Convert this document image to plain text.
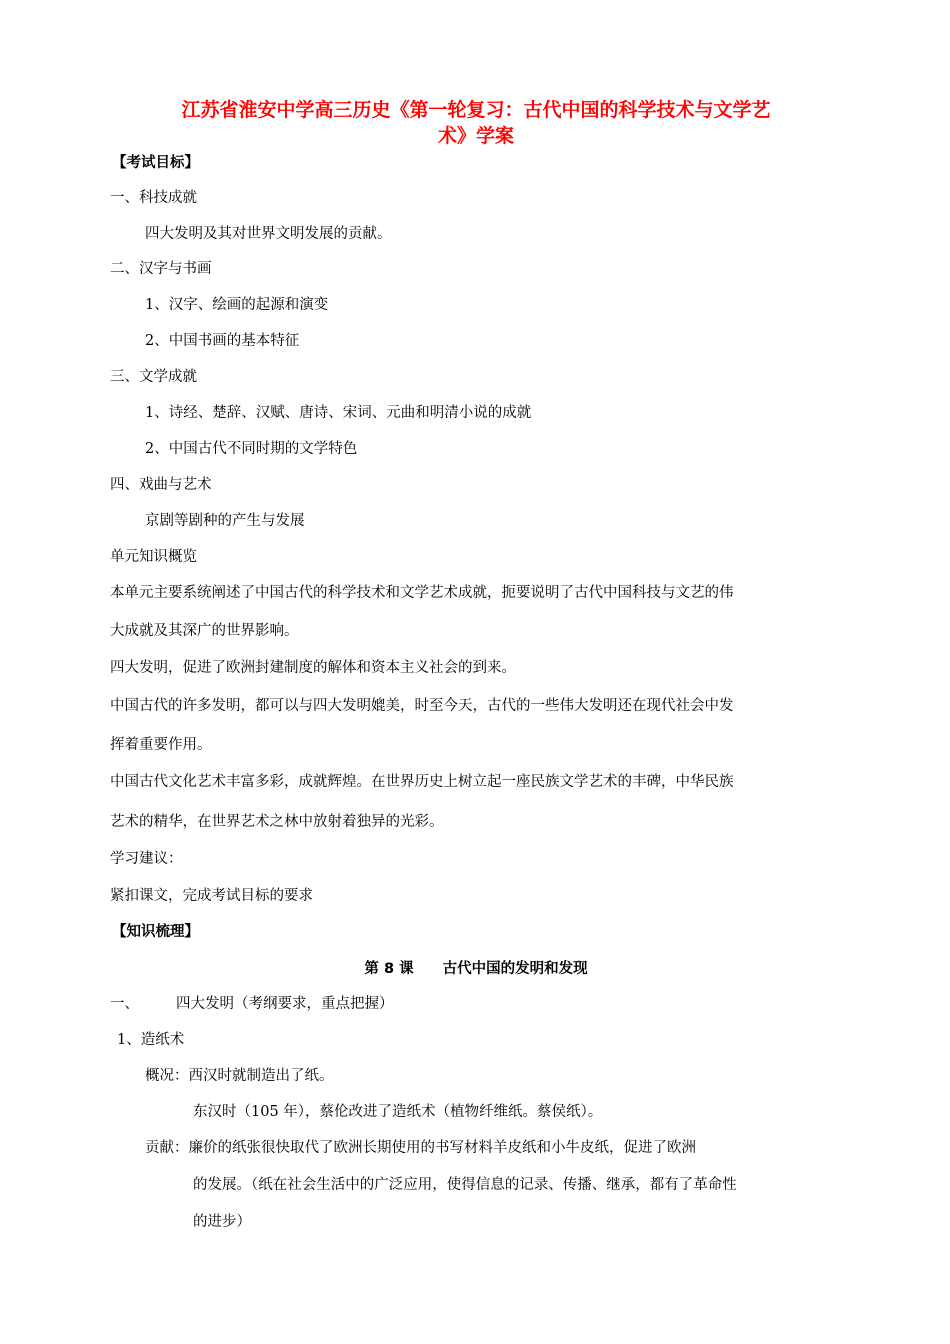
江苏省淮安中学高三历史《第一轮复习：古代中国的科学技术与文学艺
术》学案
【考试目标】
一、科技成就
四大发明及其对世界文明发展的贡献。
二、汉字与书画
1、汉字、绘画的起源和演变
2、中国书画的基本特征
三、文学成就
1、诗经、楚辞、汉赋、唐诗、宋词、元曲和明清小说的成就
2、中国古代不同时期的文学特色
四、戏曲与艺术
京剧等剧种的产生与发展
单元知识概览
本单元主要系统阐述了中国古代的科学技术和文学艺术成就，扼要说明了古代中国科技与文艺的伟
大成就及其深广的世界影响。
四大发明，促进了欧洲封建制度的解体和资本主义社会的到来。
中国古代的许多发明，都可以与四大发明媲美，时至今天，古代的一些伟大发明还在现代社会中发
挥着重要作用。
中国古代文化艺术丰富多彩，成就辉煌。在世界历史上树立起一座民族文学艺术的丰碑，中华民族
艺术的精华，在世界艺术之林中放射着独异的光彩。
学习建议：
紧扣课文，完成考试目标的要求
【知识梳理】
第 8 课　　古代中国的发明和发现
一、	四大发明（考纲要求，重点把握）
1、造纸术
概况：西汉时就制造出了纸。
东汉时（105 年），蔡伦改进了造纸术（植物纤维纸。蔡侯纸）。
贡献：廉价的纸张很快取代了欧洲长期使用的书写材料羊皮纸和小牛皮纸，促进了欧洲
的发展。（纸在社会生活中的广泛应用，使得信息的记录、传播、继承，都有了革命性
的进步）
